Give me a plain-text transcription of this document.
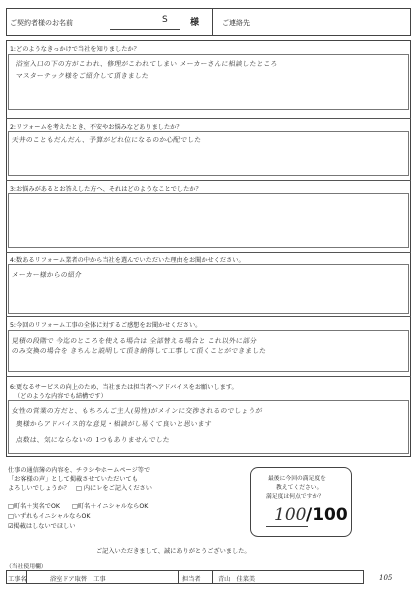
ご契約者様のお名前	S 様	ご連絡先
1:どのようなきっかけで当社を知りましたか？
浴室入口の下の方がこわれ、修理がこわれてしまい メーカーさんに相談したところ
マスターテック様をご紹介して頂きました
2:リフォームを考えたとき、不安やお悩みなどありましたか？
天井のこともだんだん、予算がどれ位になるのか心配でした
3:お悩みがあるとお答えした方へ、それはどのようなことでしたか？
4:数あるリフォーム業者の中から当社を選んでいただいた理由をお聞かせください。
メーカー様からの紹介
5:今回のリフォーム工事の全体に対するご感想をお聞かせください。
見積の段階で 今迄のところを使える場合は 全部替える場合と これ以外に部分
のみ交換の場合を きちんと説明して頂き納得して工事して頂くことができました
6:更なるサービスの向上のため、当社または担当者へアドバイスをお願いします。
（どのような内容でも結構です）
女性の営業の方だと、もちろんご主人(男性)がメインに交渉されるのでしょうが
奥様からアドバイス的な意見・相談がし易くて良いと思います
点数は、気にならないの 1つもありませんでした
仕事の通信簿の内容を、チラシやホームページ等で
「お客様の声」として掲載させていただいても
よろしいでしょうか？　□ 内にレをご記入ください
□町名＋実名でOK □町名＋イニシャルならOK
□いずれもイニシャルならOK
☑掲載はしないでほしい
最後に今回の満足度を
教えてください。
満足度は何点ですか？
100 /100
ご記入いただきまして、誠にありがとうございました。
（当社使用欄）
工事名	浴室ドア取替　工事	担当者	青山　佳菜美	105
